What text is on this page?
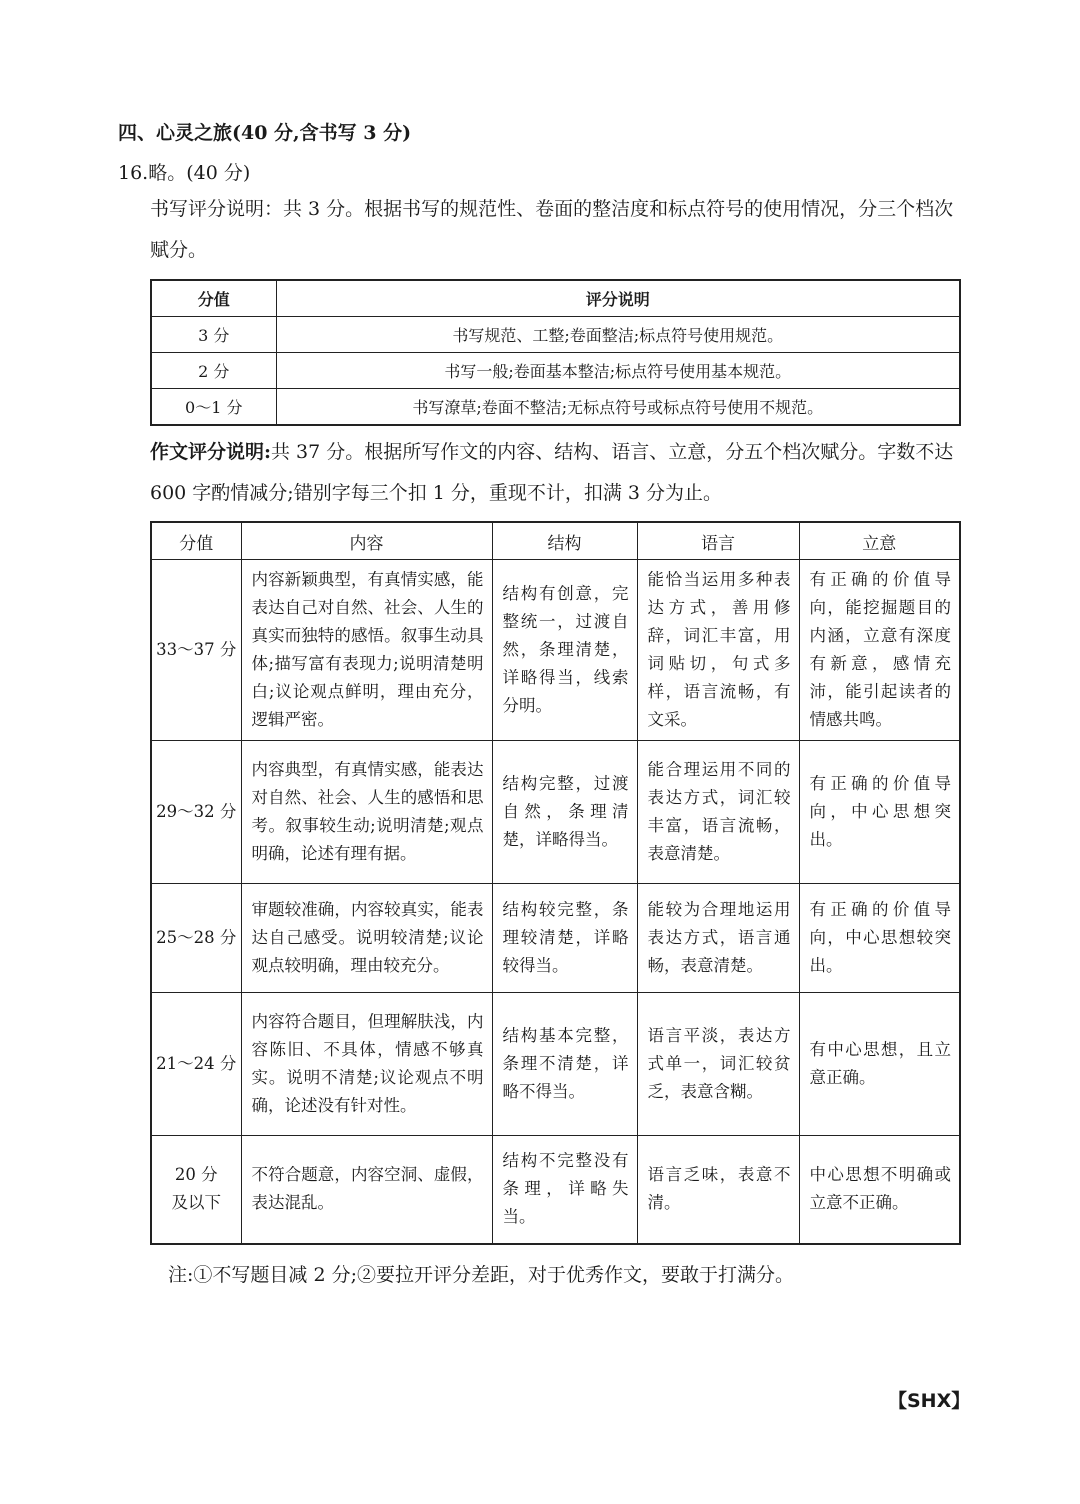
四、心灵之旅(40 分,含书写 3 分)
16.略。(40 分)
书写评分说明：共 3 分。根据书写的规范性、卷面的整洁度和标点符号的使用情况，分三个档次赋分。
分值	评分说明
3 分	书写规范、工整;卷面整洁;标点符号使用规范。
2 分	书写一般;卷面基本整洁;标点符号使用基本规范。
0～1 分	书写潦草;卷面不整洁;无标点符号或标点符号使用不规范。
作文评分说明:共 37 分。根据所写作文的内容、结构、语言、立意，分五个档次赋分。字数不达 600 字酌情减分;错别字每三个扣 1 分，重现不计，扣满 3 分为止。
分值	内容	结构	语言	立意
33～37 分	内容新颖典型，有真情实感，能表达自己对自然、社会、人生的真实而独特的感悟。叙事生动具体;描写富有表现力;说明清楚明白;议论观点鲜明，理由充分，逻辑严密。	结构有创意，完整统一，过渡自然，条理清楚，详略得当，线索分明。	能恰当运用多种表达方式，善用修辞，词汇丰富，用词贴切，句式多样，语言流畅，有文采。	有正确的价值导向，能挖掘题目的内涵，立意有深度有新意，感情充沛，能引起读者的情感共鸣。
29～32 分	内容典型，有真情实感，能表达对自然、社会、人生的感悟和思考。叙事较生动;说明清楚;观点明确，论述有理有据。	结构完整，过渡自然，条理清楚，详略得当。	能合理运用不同的表达方式，词汇较丰富，语言流畅，表意清楚。	有正确的价值导向，中心思想突出。
25～28 分	审题较准确，内容较真实，能表达自己感受。说明较清楚;议论观点较明确，理由较充分。	结构较完整，条理较清楚，详略较得当。	能较为合理地运用表达方式，语言通畅，表意清楚。	有正确的价值导向，中心思想较突出。
21～24 分	内容符合题目，但理解肤浅，内容陈旧、不具体，情感不够真实。说明不清楚;议论观点不明确，论述没有针对性。	结构基本完整，条理不清楚，详略不得当。	语言平淡，表达方式单一，词汇较贫乏，表意含糊。	有中心思想，且立意正确。

20 分
及以下	不符合题意，内容空洞、虚假，表达混乱。	结构不完整没有条理，详略失当。	语言乏味，表意不清。	中心思想不明确或立意不正确。
注:①不写题目减 2 分;②要拉开评分差距，对于优秀作文，要敢于打满分。
【SHX】
